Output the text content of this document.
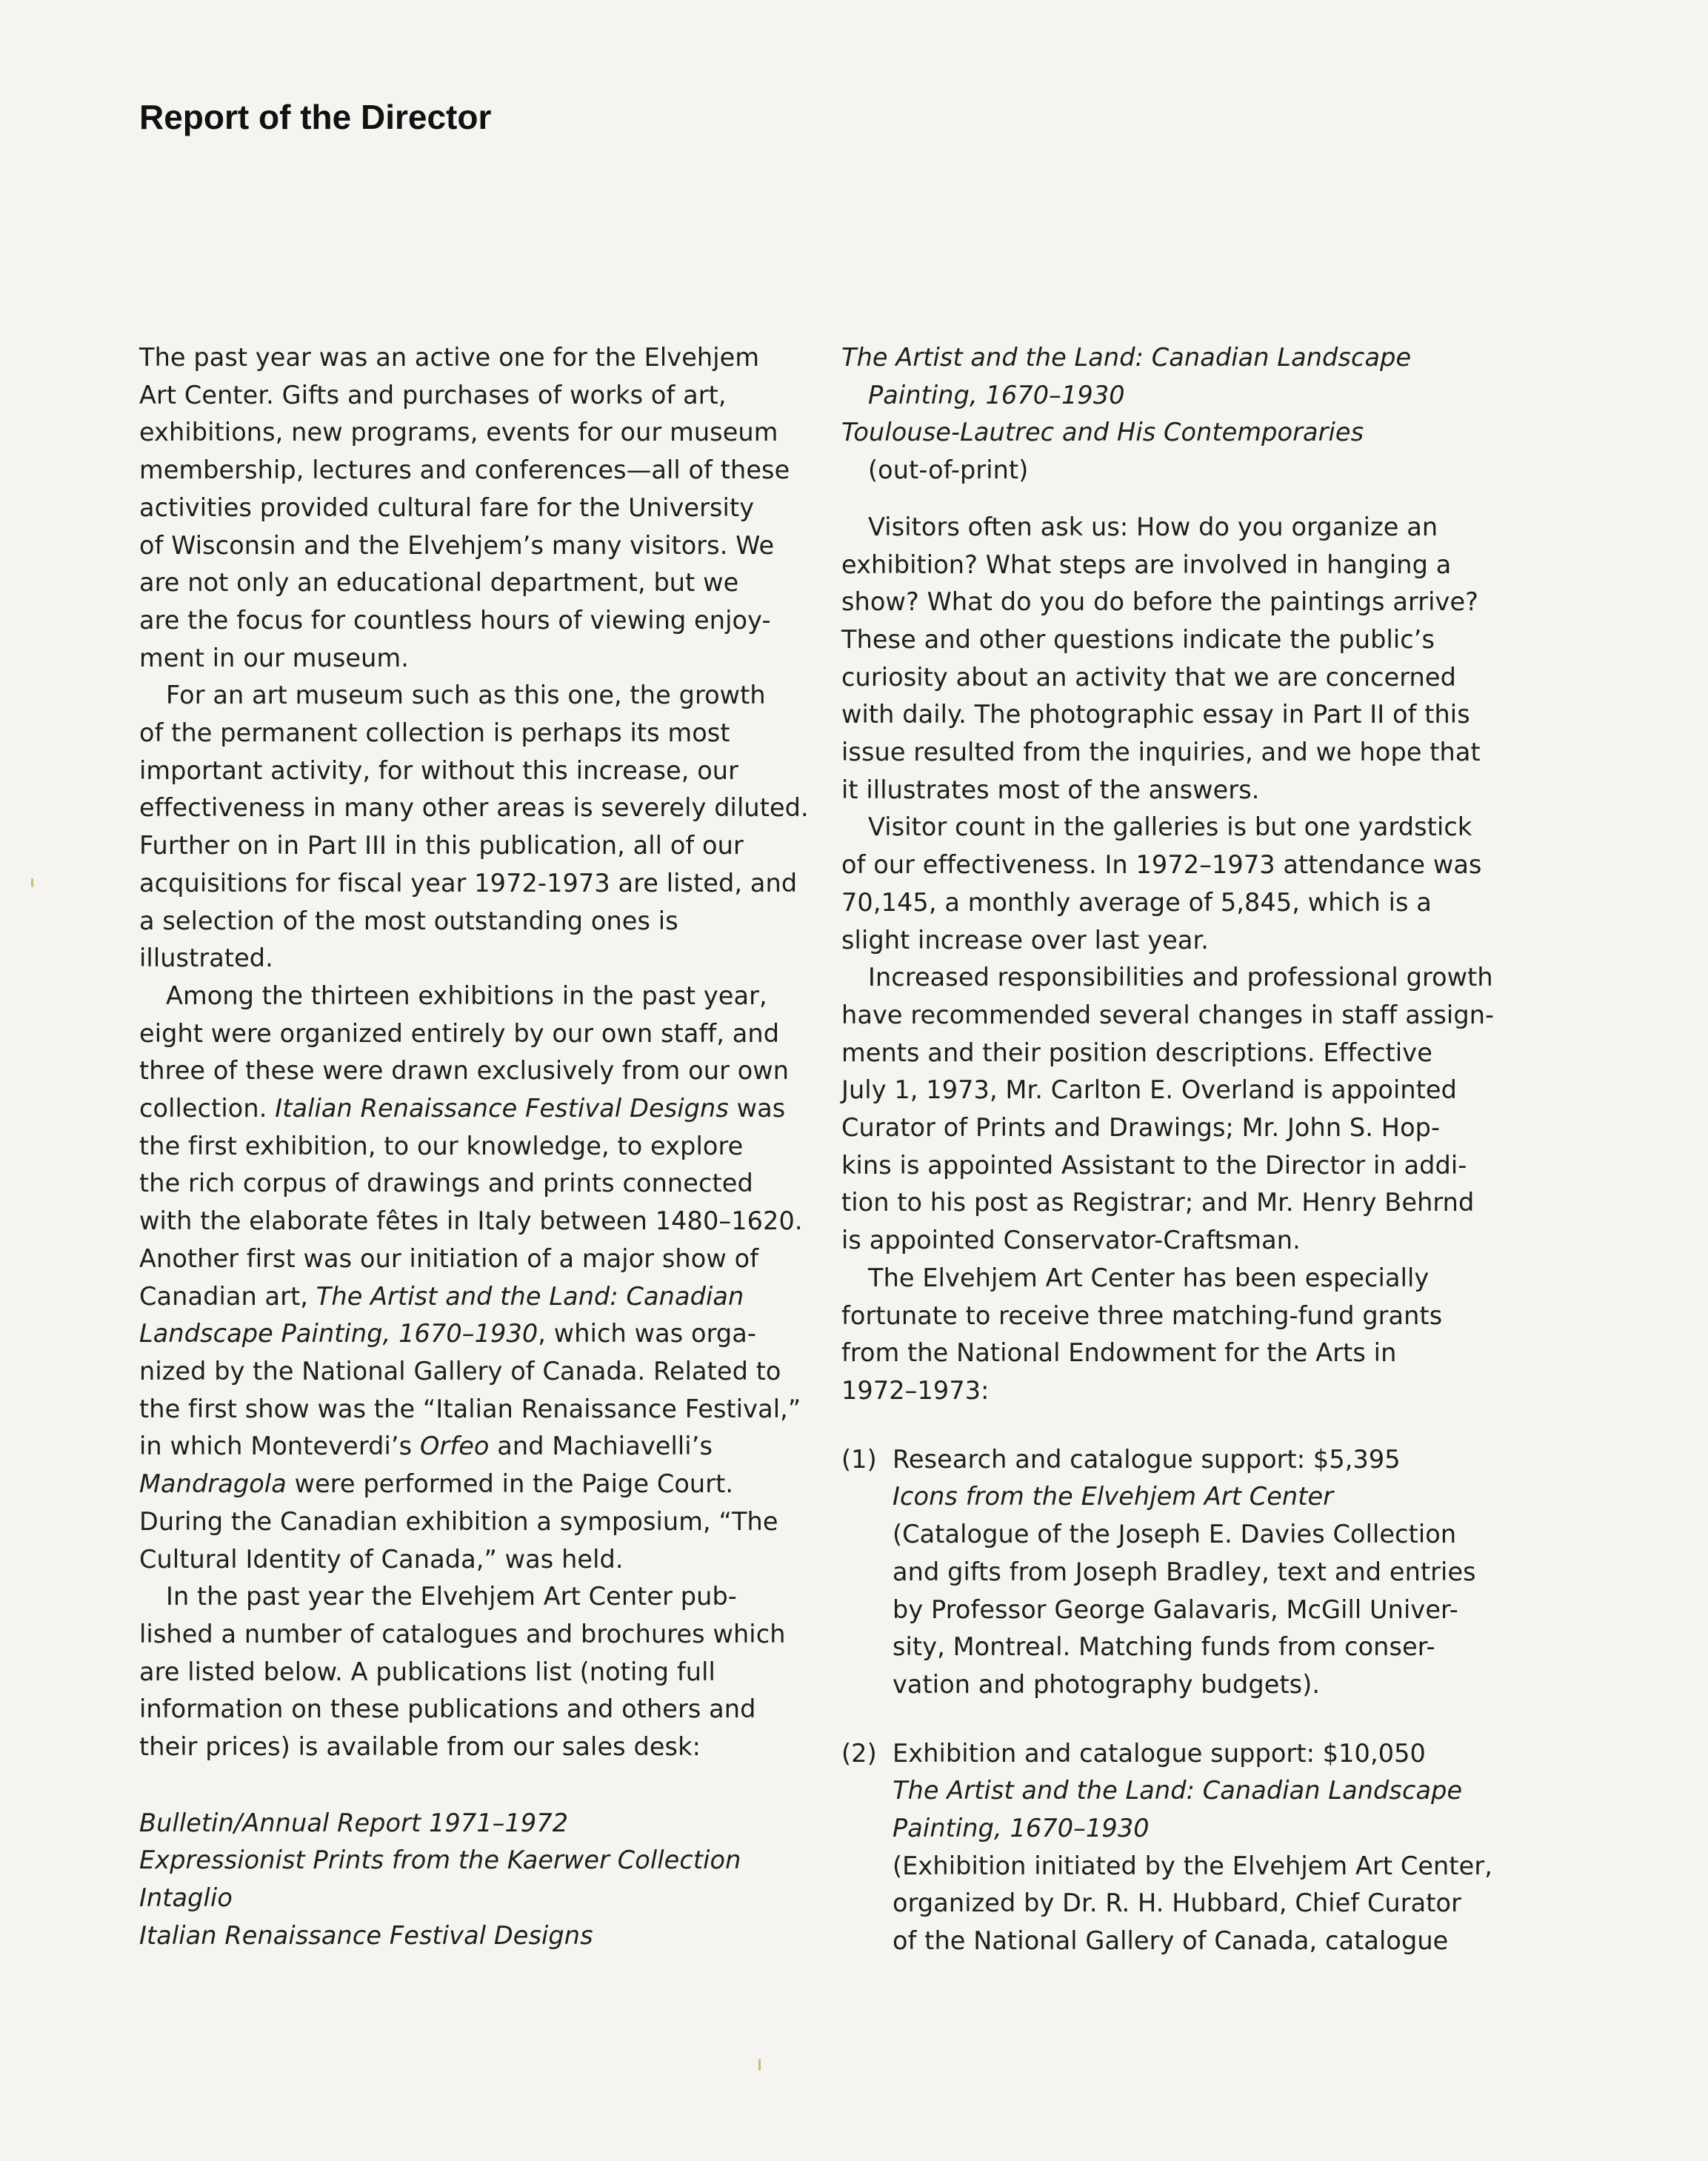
Report of the Director
The past year was an active one for the Elvehjem
Art Center. Gifts and purchases of works of art,
exhibitions, new programs, events for our museum
membership, lectures and conferences—all of these
activities provided cultural fare for the University
of Wisconsin and the Elvehjem’s many visitors. We
are not only an educational department, but we
are the focus for countless hours of viewing enjoy-
ment in our museum.
For an art museum such as this one, the growth
of the permanent collection is perhaps its most
important activity, for without this increase, our
effectiveness in many other areas is severely diluted.
Further on in Part III in this publication, all of our
acquisitions for fiscal year 1972-1973 are listed, and
a selection of the most outstanding ones is
illustrated.
Among the thirteen exhibitions in the past year,
eight were organized entirely by our own staff, and
three of these were drawn exclusively from our own
collection. Italian Renaissance Festival Designs was
the first exhibition, to our knowledge, to explore
the rich corpus of drawings and prints connected
with the elaborate fêtes in Italy between 1480–1620.
Another first was our initiation of a major show of
Canadian art, The Artist and the Land: Canadian
Landscape Painting, 1670–1930, which was orga-
nized by the National Gallery of Canada. Related to
the first show was the “Italian Renaissance Festival,”
in which Monteverdi’s Orfeo and Machiavelli’s
Mandragola were performed in the Paige Court.
During the Canadian exhibition a symposium, “The
Cultural Identity of Canada,” was held.
In the past year the Elvehjem Art Center pub-
lished a number of catalogues and brochures which
are listed below. A publications list (noting full
information on these publications and others and
their prices) is available from our sales desk:
Bulletin/Annual Report 1971–1972
Expressionist Prints from the Kaerwer Collection
Intaglio
Italian Renaissance Festival Designs
The Artist and the Land: Canadian Landscape
Painting, 1670–1930
Toulouse-Lautrec and His Contemporaries
(out-of-print)
Visitors often ask us: How do you organize an
exhibition? What steps are involved in hanging a
show? What do you do before the paintings arrive?
These and other questions indicate the public’s
curiosity about an activity that we are concerned
with daily. The photographic essay in Part II of this
issue resulted from the inquiries, and we hope that
it illustrates most of the answers.
Visitor count in the galleries is but one yardstick
of our effectiveness. In 1972–1973 attendance was
70,145, a monthly average of 5,845, which is a
slight increase over last year.
Increased responsibilities and professional growth
have recommended several changes in staff assign-
ments and their position descriptions. Effective
July 1, 1973, Mr. Carlton E. Overland is appointed
Curator of Prints and Drawings; Mr. John S. Hop-
kins is appointed Assistant to the Director in addi-
tion to his post as Registrar; and Mr. Henry Behrnd
is appointed Conservator-Craftsman.
The Elvehjem Art Center has been especially
fortunate to receive three matching-fund grants
from the National Endowment for the Arts in
1972–1973:
(1) Research and catalogue support: $5,395
Icons from the Elvehjem Art Center
(Catalogue of the Joseph E. Davies Collection
and gifts from Joseph Bradley, text and entries
by Professor George Galavaris, McGill Univer-
sity, Montreal. Matching funds from conser-
vation and photography budgets).
(2) Exhibition and catalogue support: $10,050
The Artist and the Land: Canadian Landscape
Painting, 1670–1930
(Exhibition initiated by the Elvehjem Art Center,
organized by Dr. R. H. Hubbard, Chief Curator
of the National Gallery of Canada, catalogue
